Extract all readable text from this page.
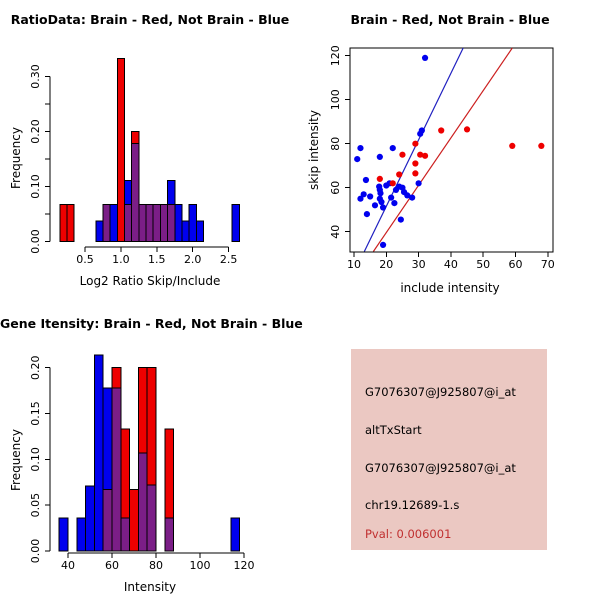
RatioData: Brain - Red, Not Brain - Blue
Frequency
0.5 1.0 1.5 2.0 2.5
0.00
0.10
0.20
0.30
Log2 Ratio Skip/Include
Brain - Red, Not Brain - Blue
skip intensity
10 20 30 40 50 60 70
40
60
80
100
120
include intensity
Gene Itensity: Brain - Red, Not Brain - Blue
Frequency
40	60	80 100 120
0.00
0.05
0.10
0.15
0.20
Intensity
G7076307@J925807@i_at
altTxStart
G7076307@J925807@i_at
chr19.12689-1.s
Pval: 0.006001
